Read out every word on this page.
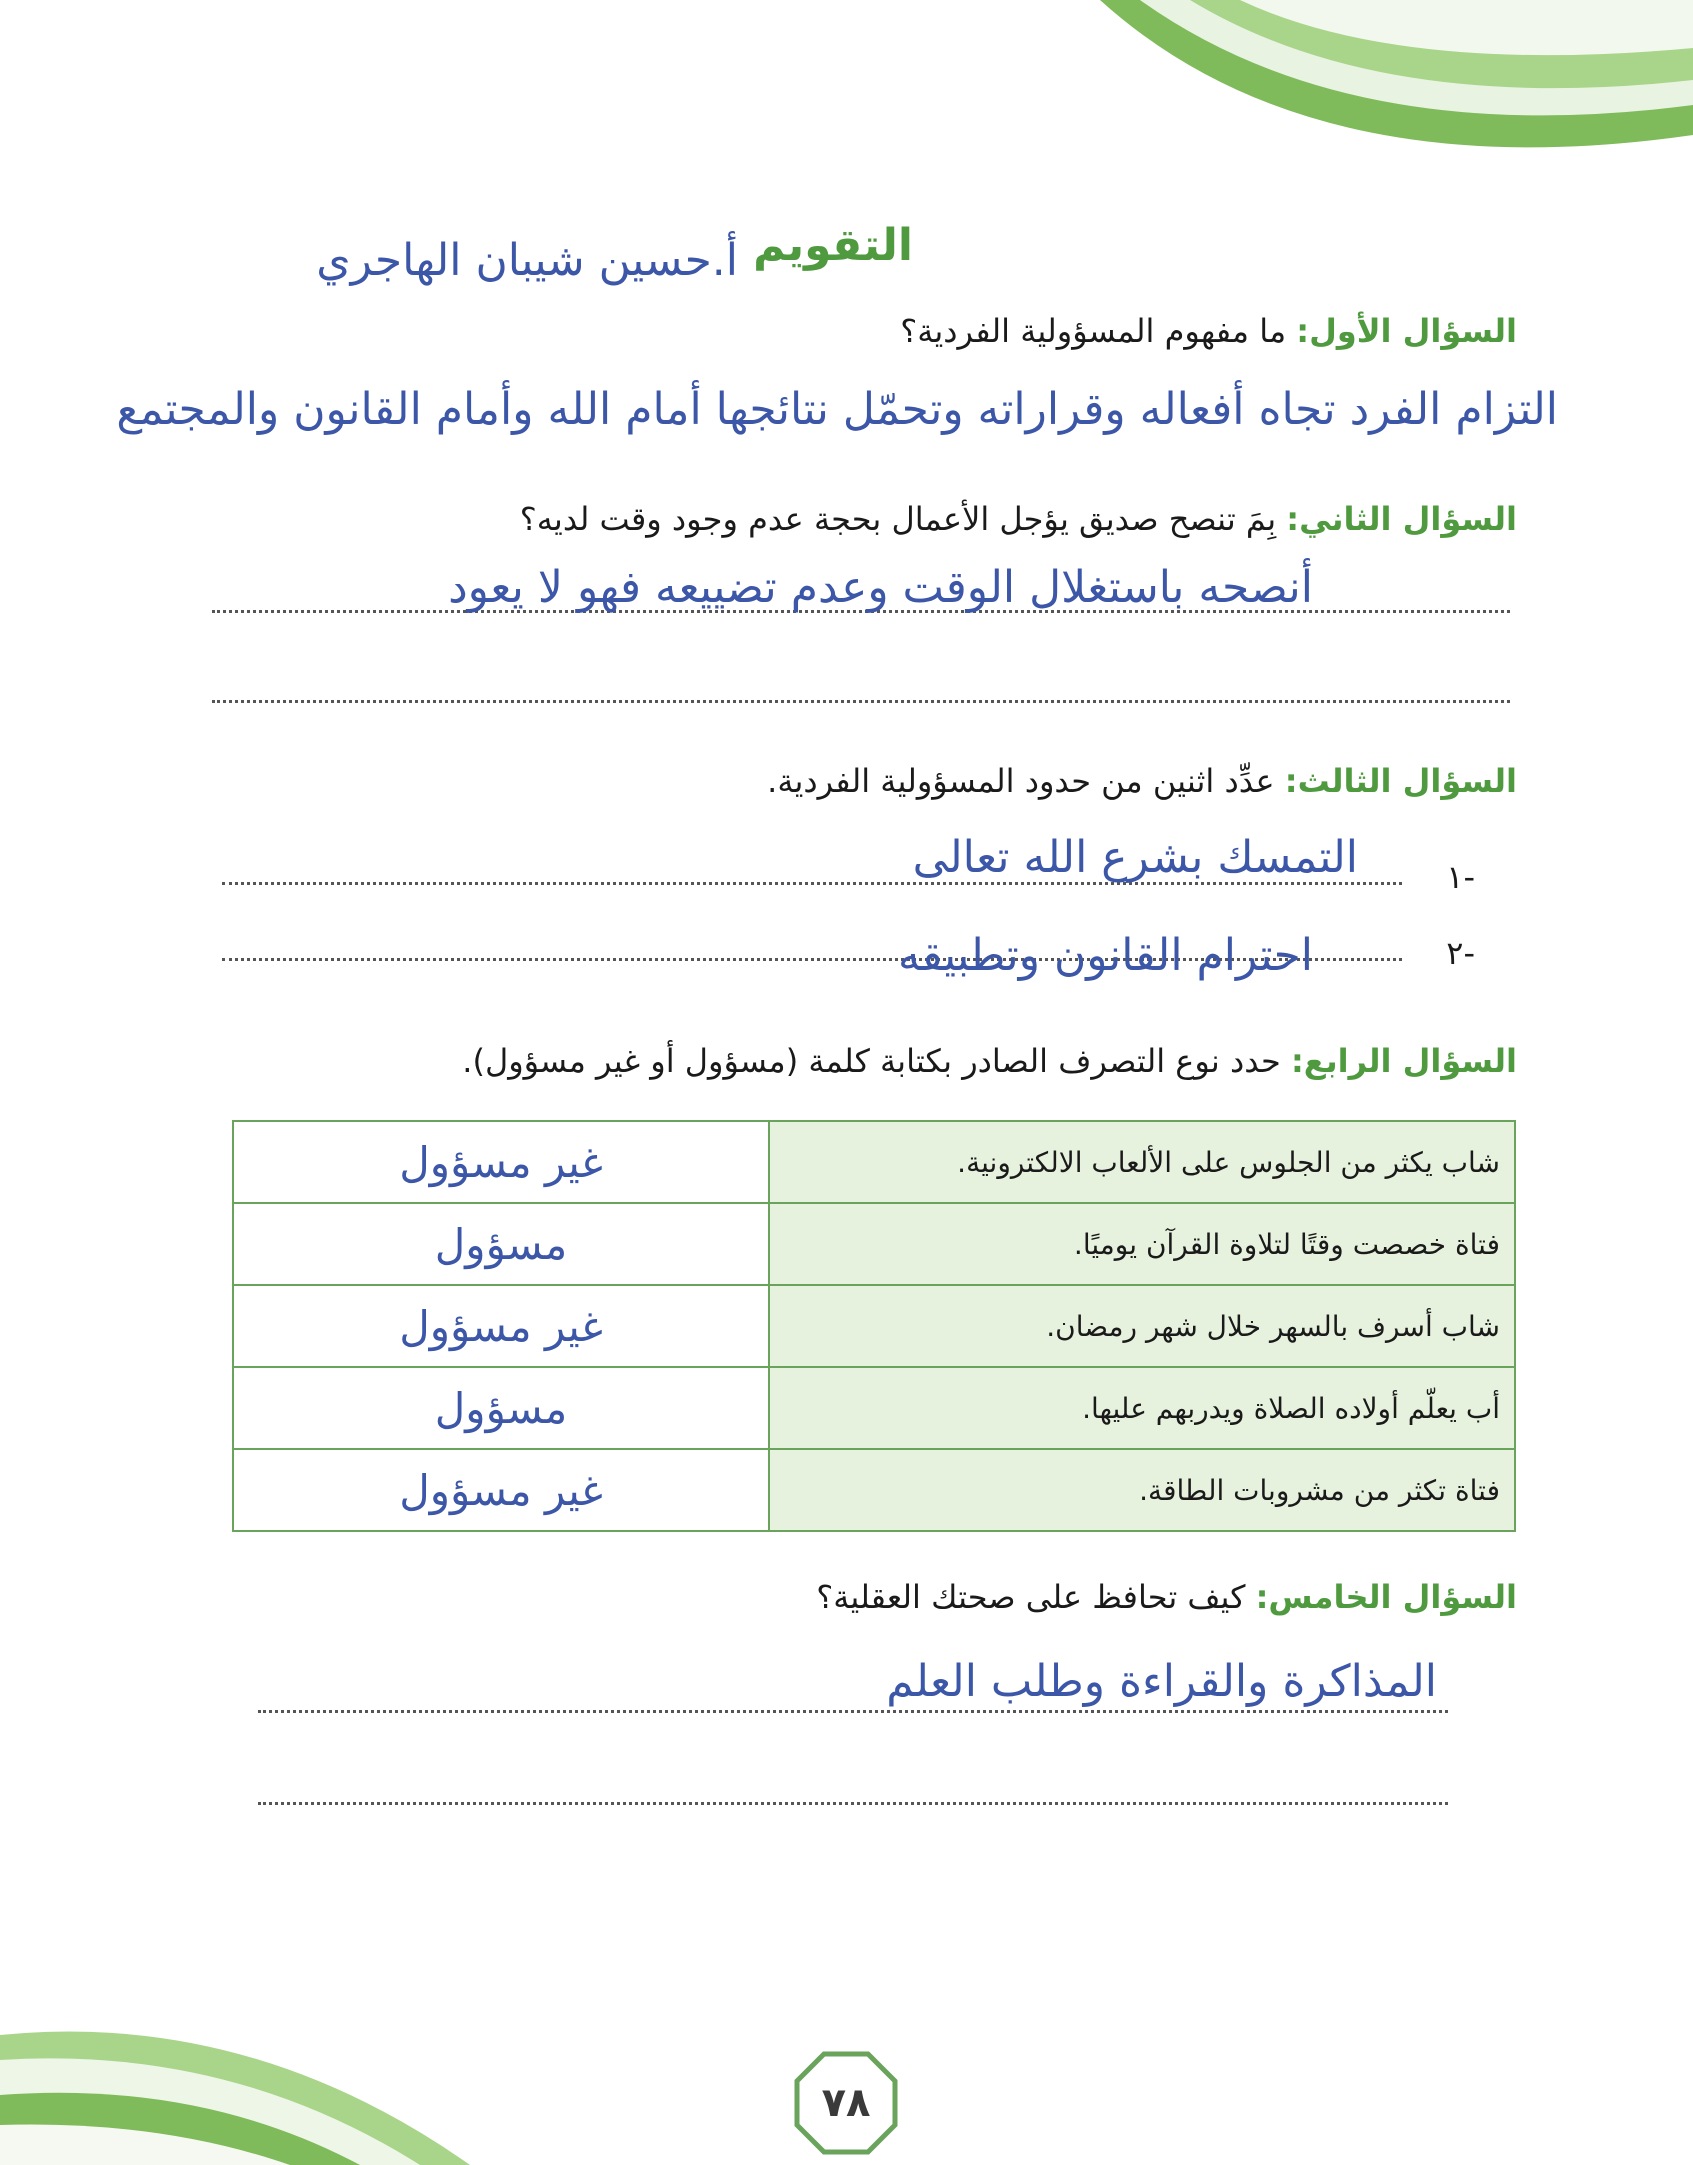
التقويم
أ.حسين شيبان الهاجري
السؤال الأول: ما مفهوم المسؤولية الفردية؟
التزام الفرد تجاه أفعاله وقراراته وتحمّل نتائجها أمام الله وأمام القانون والمجتمع
السؤال الثاني: بِمَ تنصح صديق يؤجل الأعمال بحجة عدم وجود وقت لديه؟
أنصحه باستغلال الوقت وعدم تضييعه فهو لا يعود
السؤال الثالث: عدِّد اثنين من حدود المسؤولية الفردية.
-١
التمسك بشرع الله تعالى
-٢
احترام القانون وتطبيقه
السؤال الرابع: حدد نوع التصرف الصادر بكتابة كلمة (مسؤول أو غير مسؤول).
شاب يكثر من الجلوس على الألعاب الالكترونية.	غير مسؤول
فتاة خصصت وقتًا لتلاوة القرآن يوميًا.	مسؤول
شاب أسرف بالسهر خلال شهر رمضان.	غير مسؤول
أب يعلّم أولاده الصلاة ويدربهم عليها.	مسؤول
فتاة تكثر من مشروبات الطاقة.	غير مسؤول
السؤال الخامس: كيف تحافظ على صحتك العقلية؟
المذاكرة والقراءة وطلب العلم
٧٨
